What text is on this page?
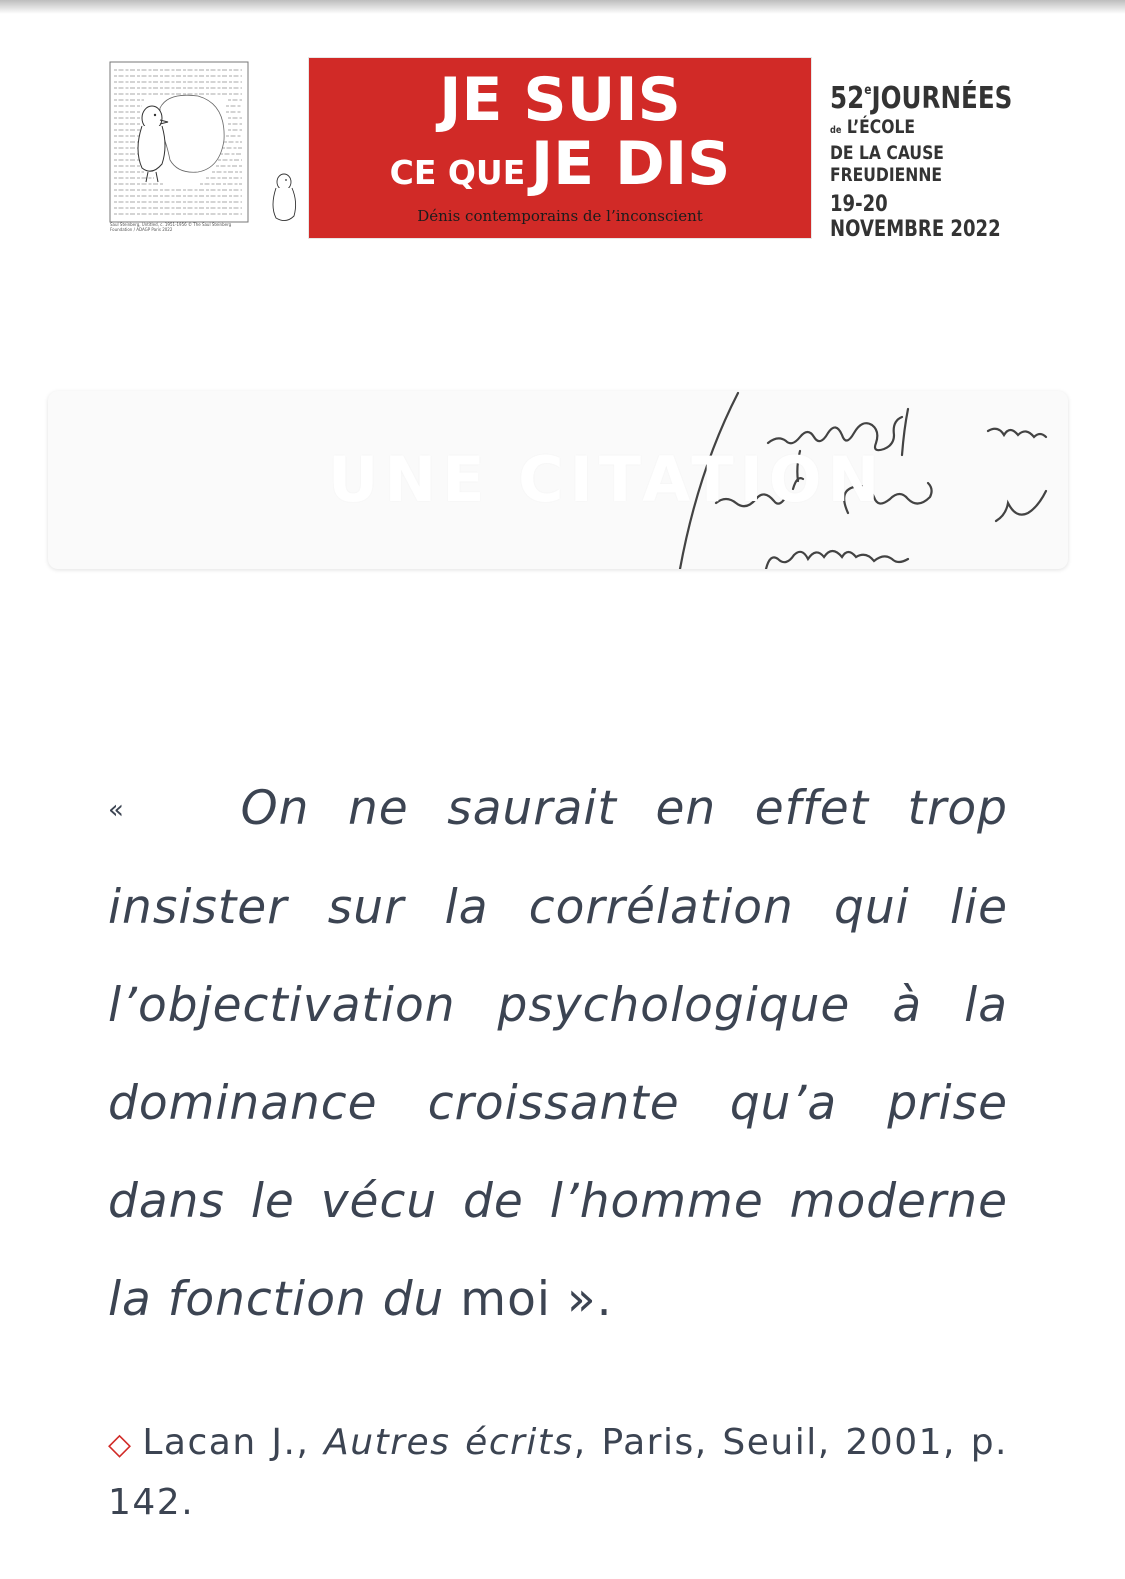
Saul Steinberg, Untitled, c. 1951-1956 © The Saul Steinberg Foundation / ADAGP Paris 2022
JE SUIS
CE QUE JE DIS
Dénis contemporains de l’inconscient
52eJOURNÉES
de L’ÉCOLE
DE LA CAUSE
FREUDIENNE
19-20
NOVEMBRE 2022
UNE CITATION

« On ne saurait en effet trop insister sur la corrélation qui lie l’objectivation psychologique à la dominance croissante qu’a prise dans le vécu de l’homme moderne la fonction du moi ».

◇ Lacan J., Autres écrits, Paris, Seuil, 2001, p. 142.
